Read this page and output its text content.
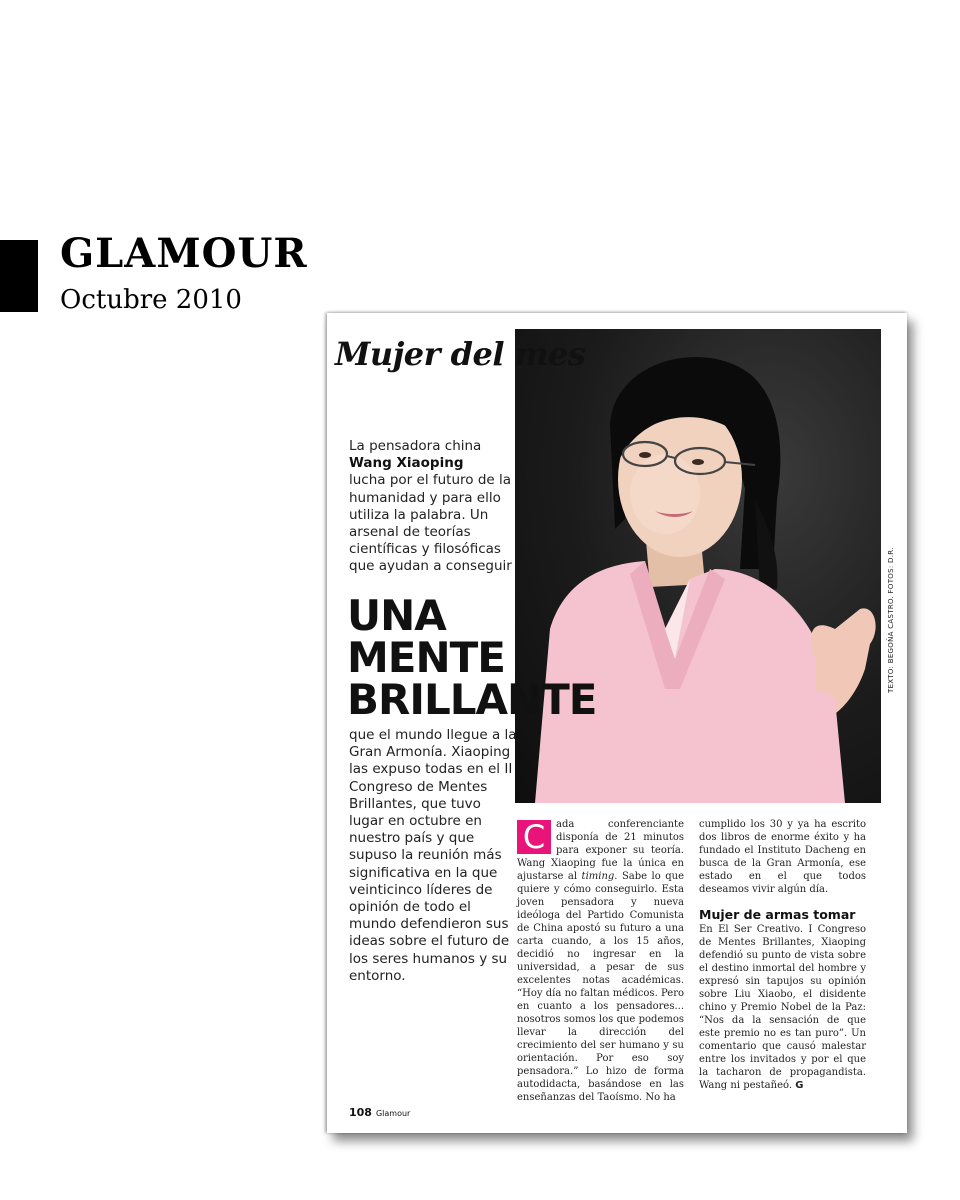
GLAMOUR
Octubre 2010
Mujer del mes
TEXTO: BEGOÑA CASTRO. FOTOS: D.R.
La pensadora china
Wang Xiaoping
lucha por el futuro de la humanidad y para ello utiliza la palabra. Un arsenal de teorías científicas y filosóficas que ayudan a conseguir
UNA
MENTE
BRILLANTE
que el mundo llegue a la Gran Armonía. Xiaoping las expuso todas en el II Congreso de Mentes Brillantes, que tuvo lugar en octubre en nuestro país y que supuso la reunión más significativa en la que veinticinco líderes de opinión de todo el mundo defendieron sus ideas sobre el futuro de los seres humanos y su entorno.
C	ada conferenciante disponía de 21 minutos para exponer su teoría. Wang Xiaoping fue la única en ajustarse al timing. Sabe lo que quiere y cómo conseguirlo. Esta joven pensadora y nueva ideóloga del Partido Comunista de China apostó su futuro a una carta cuando, a los 15 años, decidió no ingresar en la universidad, a pesar de sus excelentes notas académicas. “Hoy día no faltan médicos. Pero en cuanto a los pensadores... nosotros somos los que podemos llevar la dirección del crecimiento del ser humano y su orientación. Por eso soy pensadora.” Lo hizo de forma autodidacta, basándose en las enseñanzas del Taoísmo. No ha
cumplido los 30 y ya ha escrito dos libros de enorme éxito y ha fundado el Instituto Dacheng en busca de la Gran Armonía, ese estado en el que todos deseamos vivir algún día.
Mujer de armas tomar
En El Ser Creativo. I Congreso de Mentes Brillantes, Xiaoping defendió su punto de vista sobre el destino inmortal del hombre y expresó sin tapujos su opinión sobre Liu Xiaobo, el disidente chino y Premio Nobel de la Paz: “Nos da la sensación de que este premio no es tan puro”. Un comentario que causó malestar entre los invitados y por el que la tacharon de propagandista. Wang ni pestañeó. G
108 Glamour
